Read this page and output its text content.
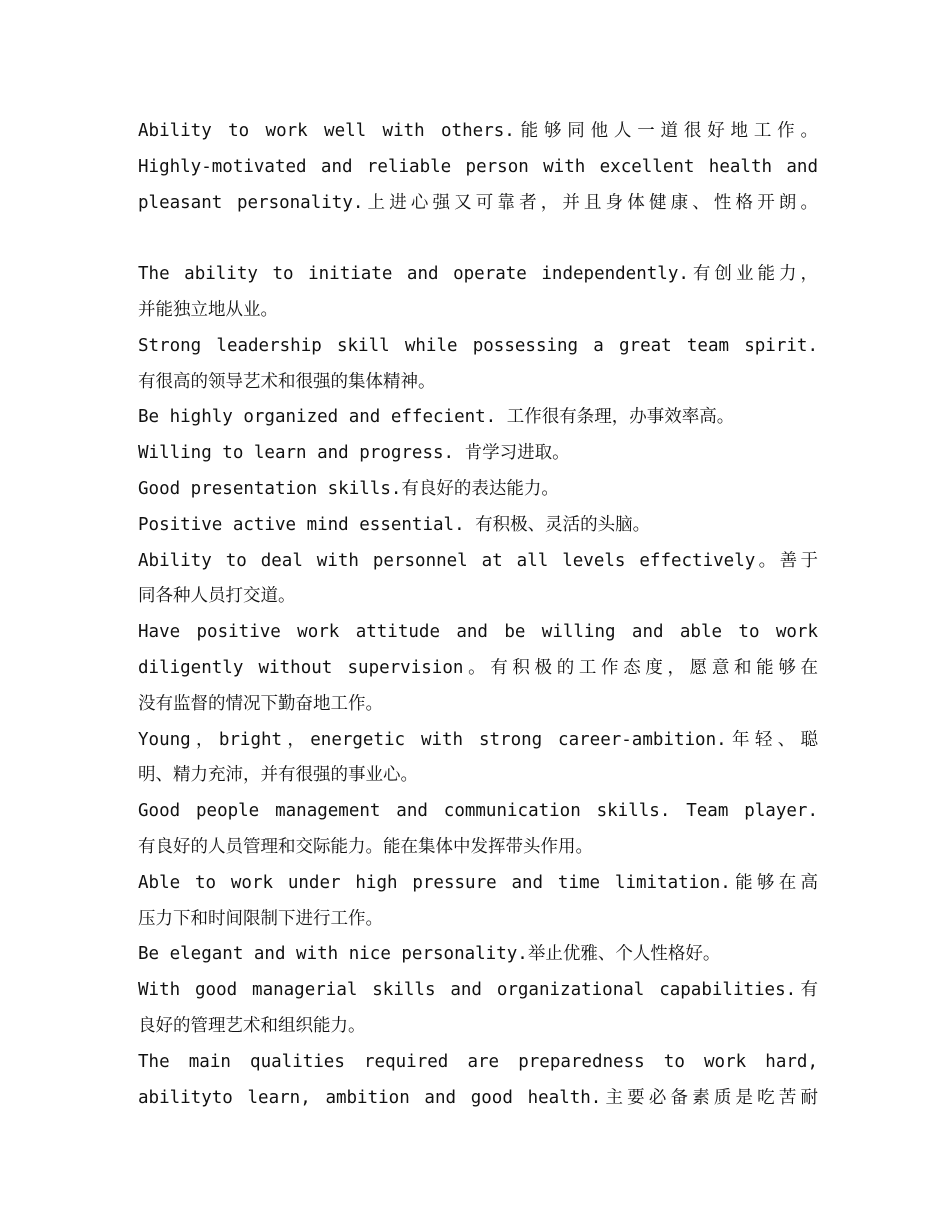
Ability to work well with others.能够同他人一道很好地工作。
Highly-motivated and reliable person with excellent health and
pleasant personality.上进心强又可靠者，并且身体健康、性格开朗。
The ability to initiate and operate independently.有创业能力，
并能独立地从业。
Strong leadership skill while possessing a great team spirit.
有很高的领导艺术和很强的集体精神。
Be highly organized and effecient. 工作很有条理，办事效率高。
Willing to learn and progress. 肯学习进取。
Good presentation skills.有良好的表达能力。
Positive active mind essential. 有积极、灵活的头脑。
Ability to deal with personnel at all levels effectively。善于
同各种人员打交道。
Have positive work attitude and be willing and able to work
diligently without supervision。有积极的工作态度，愿意和能够在
没有监督的情况下勤奋地工作。
Young，bright，energetic with strong career-ambition.年轻、聪
明、精力充沛，并有很强的事业心。
Good people management and communication skills. Team player.
有良好的人员管理和交际能力。能在集体中发挥带头作用。
Able to work under high pressure and time limitation.能够在高
压力下和时间限制下进行工作。
Be elegant and with nice personality.举止优雅、个人性格好。
With good managerial skills and organizational capabilities.有
良好的管理艺术和组织能力。
The main qualities required are preparedness to work hard,
abilityto learn, ambition and good health.主要必备素质是吃苦耐
